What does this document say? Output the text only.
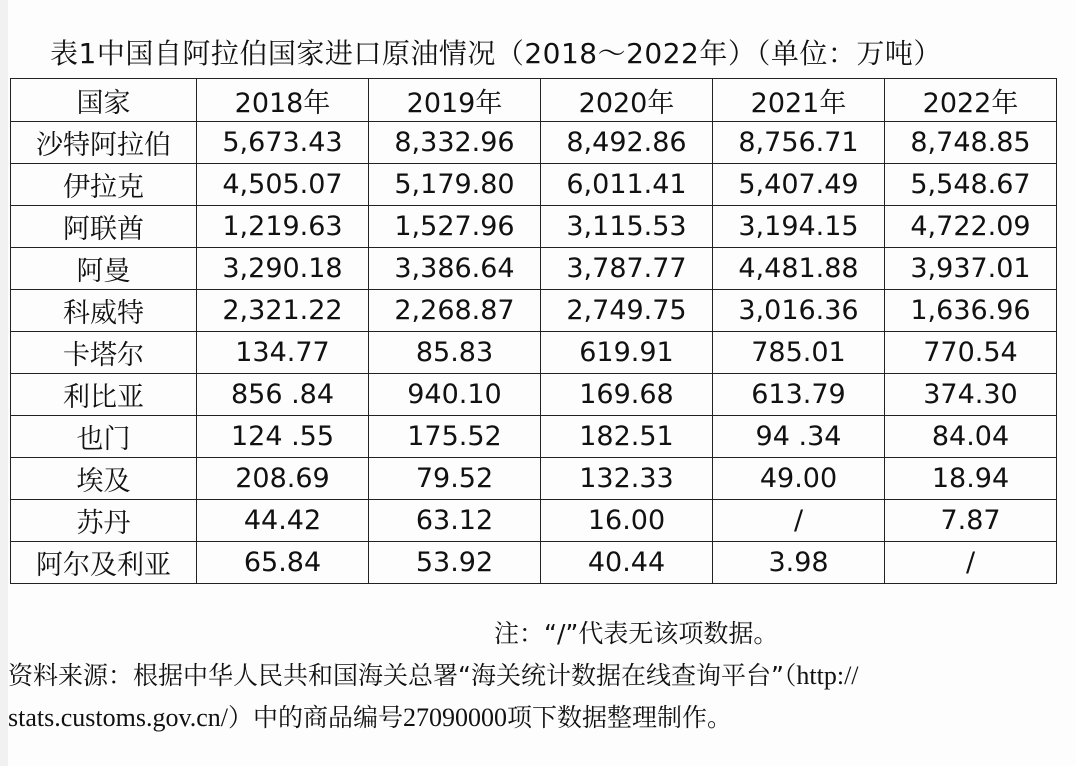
表1中国自阿拉伯国家进口原油情况（2018～2022年）（单位：万吨）
国家	2018年	2019年	2020年	2021年	2022年
沙特阿拉伯	5,673.43	8,332.96	8,492.86	8,756.71	8,748.85
伊拉克	4,505.07	5,179.80	6,011.41	5,407.49	5,548.67
阿联酋	1,219.63	1,527.96	3,115.53	3,194.15	4,722.09
阿曼	3,290.18	3,386.64	3,787.77	4,481.88	3,937.01
科威特	2,321.22	2,268.87	2,749.75	3,016.36	1,636.96
卡塔尔	134.77	85.83	619.91	785.01	770.54
利比亚	856 .84	940.10	169.68	613.79	374.30
也门	124 .55	175.52	182.51	94 .34	84.04
埃及	208.69	79.52	132.33	49.00	18.94
苏丹	44.42	63.12	16.00	/	7.87
阿尔及利亚	65.84	53.92	40.44	3.98	/
注：“/”代表无该项数据。
资料来源：根据中华人民共和国海关总署“海关统计数据在线查询平台”（http://
stats.customs.gov.cn/）中的商品编号27090000项下数据整理制作。
